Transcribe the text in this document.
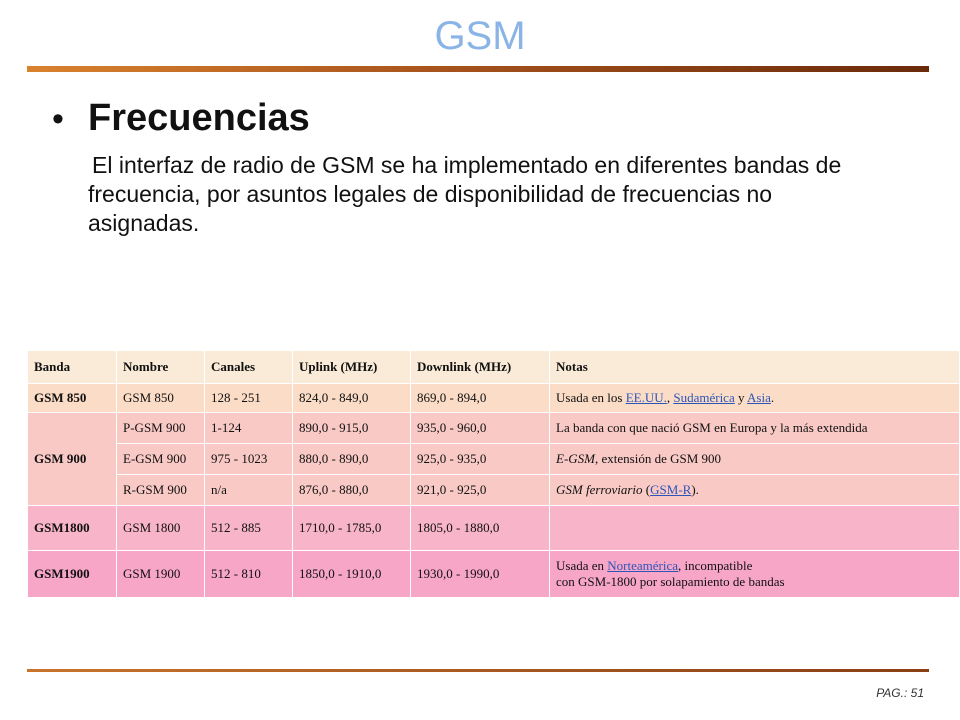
GSM
• Frecuencias
El interfaz de radio de GSM se ha implementado en diferentes bandas de frecuencia, por asuntos legales de disponibilidad de frecuencias no asignadas.
Banda	Nombre	Canales	Uplink (MHz)	Downlink (MHz)	Notas
GSM 850	GSM 850	128 - 251	824,0 - 849,0	869,0 - 894,0	Usada en los EE.UU., Sudamérica y Asia.
GSM 900	P-GSM 900	1-124	890,0 - 915,0	935,0 - 960,0	La banda con que nació GSM en Europa y la más extendida
	E-GSM 900	975 - 1023	880,0 - 890,0	925,0 - 935,0	E-GSM, extensión de GSM 900
	R-GSM 900	n/a	876,0 - 880,0	921,0 - 925,0	GSM ferroviario (GSM-R).
GSM1800	GSM 1800	512 - 885	1710,0 - 1785,0	1805,0 - 1880,0	
GSM1900	GSM 1900	512 - 810	1850,0 - 1910,0	1930,0 - 1990,0	Usada en Norteamérica, incompatible
con GSM-1800 por solapamiento de bandas
PAG.: 51
